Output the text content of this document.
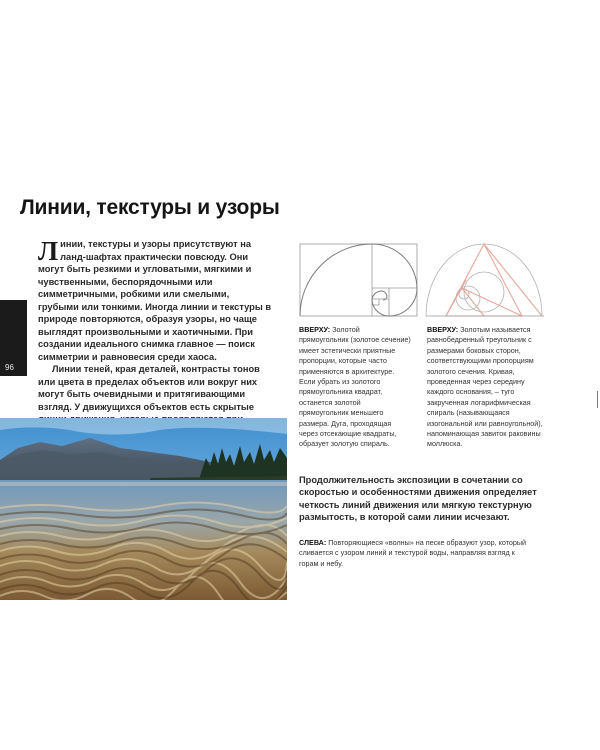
Линии, текстуры и узоры
96

Линии, текстуры и узоры присутствуют на ланд-шафтах практически повсюду. Они могут быть резкими и угловатыми, мягкими и чувственными, беспорядочными или симметричными, робкими или смелыми, грубыми или тонкими. Иногда линии и текстуры в природе повторяются, образуя узоры, но чаще выглядят произвольными и хаотичными. При создании идеального снимка главное — поиск симметрии и равновесия среди хаоса.

Линии теней, края деталей, контрасты тонов или цвета в пределах объектов или вокруг них могут быть очевидными и притягивающими взгляд. У движущихся объектов есть скрытые

ВВЕРХУ: Золотой прямоугольник (золотое сечение) имеет эстетически приятные пропорции, которые часто применяются в архитектуре. Если убрать из золотого прямоугольника квадрат, останется золотой прямоугольник меньшего размера. Дуга, проходящая через отсекающие квадраты, образует золотую спираль.

ВВЕРХУ: Золотым называется равнобедренный треугольник с размерами боковых сторон, соответствующими пропорциям золотого сечения. Кривая, проведенная через середину каждого основания, – туго закрученная логарифмическая спираль (называющаяся изогональной или равноугольной), напоминающая завиток раковины моллюска.

Продолжительность экспозиции в сочетании со скоростью и особенностями движения определяет четкость линий движения или мягкую текстурную размытость, в которой сами линии исчезают.

СЛЕВА: Повторяющиеся «волны» на песке образуют узор, который сливается с узором линий и текстурой воды, направляя взгляд к горам и небу.
